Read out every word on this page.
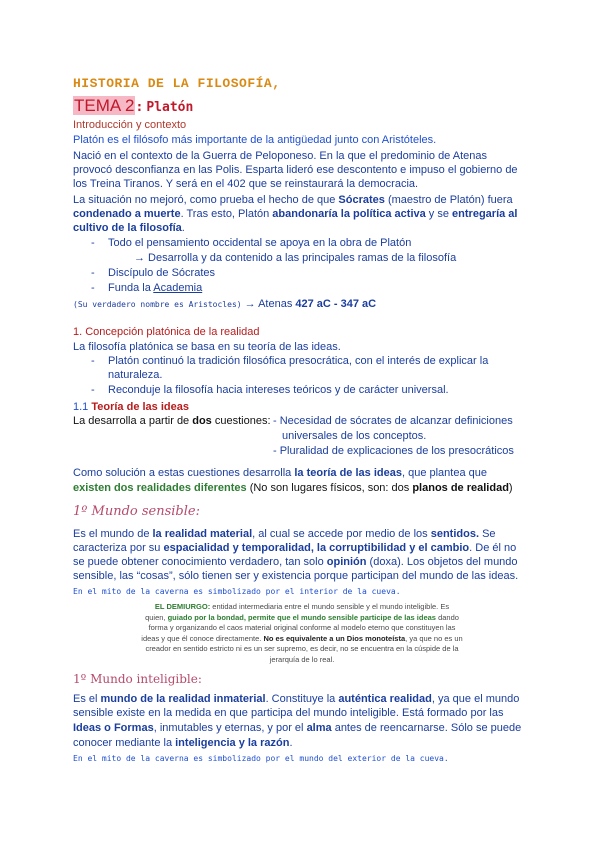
HISTORIA DE LA FILOSOFÍA,
TEMA 2: Platón
Introducción y contexto
Platón es el filósofo más importante de la antigüedad junto con Aristóteles.
Nació en el contexto de la Guerra de Peloponeso. En la que el predominio de Atenas
provocó desconfianza en las Polis. Esparta lideró ese descontento e impuso el gobierno de
los Treina Tiranos. Y será en el 402 que se reinstaurará la democracia.
La situación no mejoró, como prueba el hecho de que Sócrates (maestro de Platón) fuera
condenado a muerte. Tras esto, Platón abandonaría la política activa y se entregaría al
cultivo de la filosofía.
- Todo el pensamiento occidental se apoya en la obra de Platón
→ Desarrolla y da contenido a las principales ramas de la filosofía
- Discípulo de Sócrates
- Funda la Academia
(Su verdadero nombre es Aristocles) → Atenas 427 aC - 347 aC
1. Concepción platónica de la realidad
La filosofía platónica se basa en su teoría de las ideas.
- Platón continuó la tradición filosófica presocrática, con el interés de explicar la
naturaleza.
- Reconduje la filosofía hacia intereses teóricos y de carácter universal.
1.1 Teoría de las ideas
La desarrolla a partir de dos cuestiones: - Necesidad de sócrates de alcanzar definiciones
universales de los conceptos.
- Pluralidad de explicaciones de los presocráticos
Como solución a estas cuestiones desarrolla la teoría de las ideas, que plantea que
existen dos realidades diferentes (No son lugares físicos, son: dos planos de realidad)
1º Mundo sensible:
Es el mundo de la realidad material, al cual se accede por medio de los sentidos. Se
caracteriza por su espacialidad y temporalidad, la corruptibilidad y el cambio. De él no
se puede obtener conocimiento verdadero, tan solo opinión (doxa). Los objetos del mundo
sensible, las “cosas”, sólo tienen ser y existencia porque participan del mundo de las ideas.
En el mito de la caverna es simbolizado por el interior de la cueva.
EL DEMIURGO: entidad intermediaria entre el mundo sensible y el mundo inteligible. Es
quien, guiado por la bondad, permite que el mundo sensible participe de las ideas dando
forma y organizando el caos material original conforme al modelo eterno que constituyen las
ideas y que él conoce directamente. No es equivalente a un Dios monoteísta, ya que no es un
creador en sentido estricto ni es un ser supremo, es decir, no se encuentra en la cúspide de la
jerarquía de lo real.
1º Mundo inteligible:
Es el mundo de la realidad inmaterial. Constituye la auténtica realidad, ya que el mundo
sensible existe en la medida en que participa del mundo inteligible. Está formado por las
Ideas o Formas, inmutables y eternas, y por el alma antes de reencarnarse. Sólo se puede
conocer mediante la inteligencia y la razón.
En el mito de la caverna es simbolizado por el mundo del exterior de la cueva.
